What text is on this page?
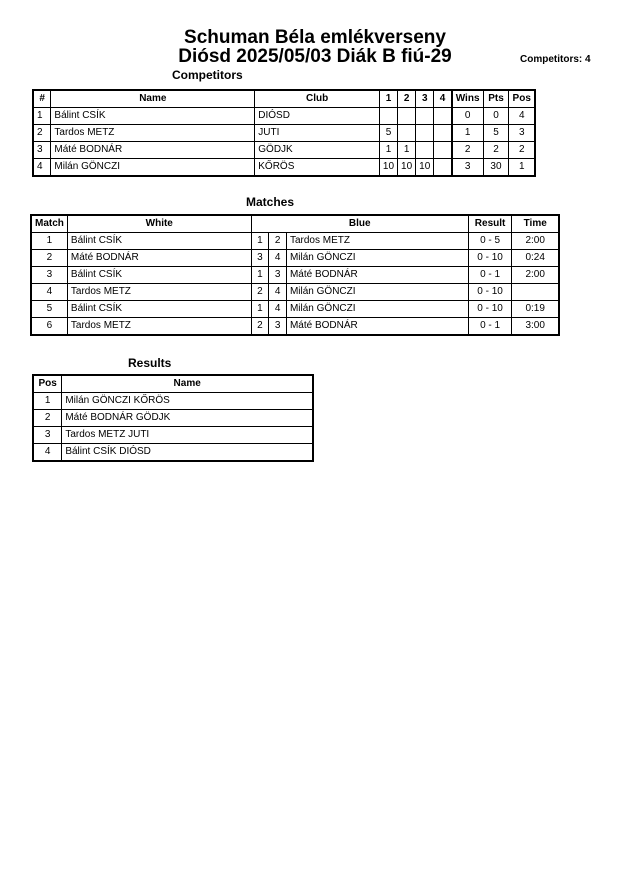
Schuman Béla emlékverseny
Diósd 2025/05/03 Diák B fiú-29	Competitors: 4
Competitors
#	Name	Club	1	2	3	4	Wins	Pts	Pos
1	Bálint CSÍK	DIÓSD					0	0	4
2	Tardos METZ	JUTI	5				1	5	3
3	Máté BODNÁR	GÖDJK	1	1			2	2	2
4	Milán GÖNCZI	KŐRÖS	10	10	10		3	30	1
Matches
Match	White	Blue			Result	Time
1	Bálint CSÍK	1	2	Tardos METZ	0 - 5	2:00
2	Máté BODNÁR	3	4	Milán GÖNCZI	0 - 10	0:24
3	Bálint CSÍK	1	3	Máté BODNÁR	0 - 1	2:00
4	Tardos METZ	2	4	Milán GÖNCZI	0 - 10	
5	Bálint CSÍK	1	4	Milán GÖNCZI	0 - 10	0:19
6	Tardos METZ	2	3	Máté BODNÁR	0 - 1	3:00
Results
Pos	Name
1	Milán GÖNCZI KŐRÖS
2	Máté BODNÁR GÖDJK
3	Tardos METZ JUTI
4	Bálint CSÍK DIÓSD
